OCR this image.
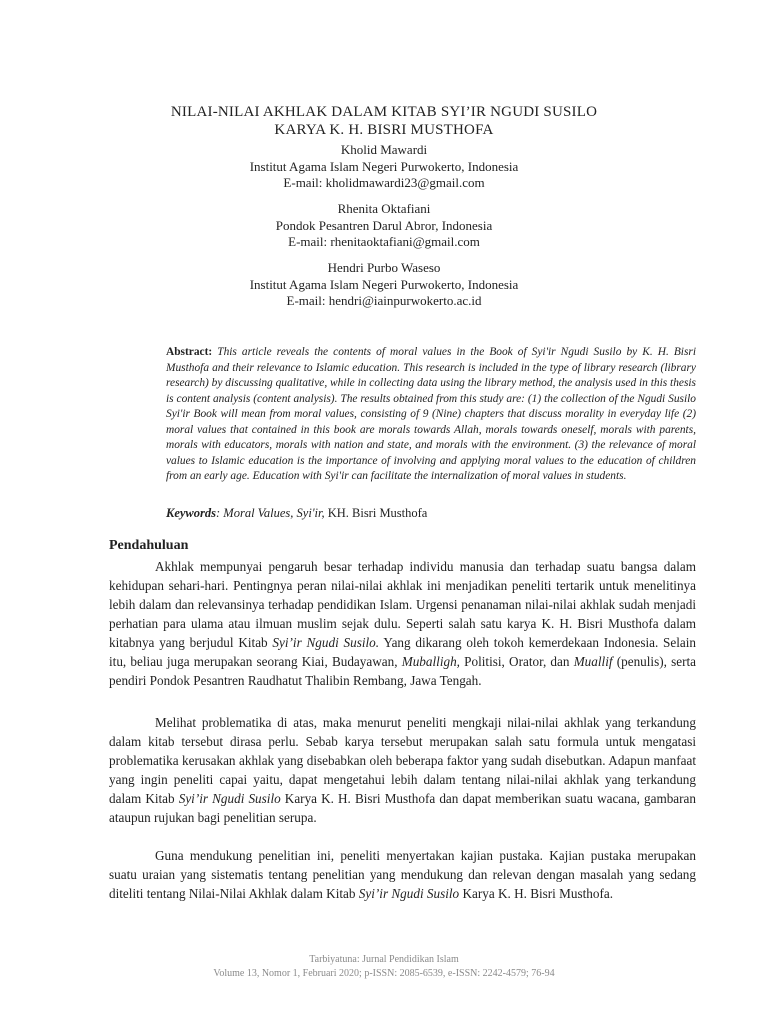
NILAI-NILAI AKHLAK DALAM KITAB SYI’IR NGUDI SUSILO
KARYA K. H. BISRI MUSTHOFA
Kholid Mawardi
Institut Agama Islam Negeri Purwokerto, Indonesia
E-mail: kholidmawardi23@gmail.com
Rhenita Oktafiani
Pondok Pesantren Darul Abror, Indonesia
E-mail: rhenitaoktafiani@gmail.com
Hendri Purbo Waseso
Institut Agama Islam Negeri Purwokerto, Indonesia
E-mail: hendri@iainpurwokerto.ac.id
Abstract: This article reveals the contents of moral values in the Book of Syi'ir Ngudi Susilo by K. H. Bisri Musthofa and their relevance to Islamic education. This research is included in the type of library research (library research) by discussing qualitative, while in collecting data using the library method, the analysis used in this thesis is content analysis (content analysis). The results obtained from this study are: (1) the collection of the Ngudi Susilo Syi'ir Book will mean from moral values, consisting of 9 (Nine) chapters that discuss morality in everyday life (2) moral values that contained in this book are morals towards Allah, morals towards oneself, morals with parents, morals with educators, morals with nation and state, and morals with the environment. (3) the relevance of moral values to Islamic education is the importance of involving and applying moral values to the education of children from an early age. Education with Syi'ir can facilitate the internalization of moral values in students.
Keywords: Moral Values, Syi'ir, KH. Bisri Musthofa
Pendahuluan

Akhlak mempunyai pengaruh besar terhadap individu manusia dan terhadap suatu bangsa dalam kehidupan sehari-hari. Pentingnya peran nilai-nilai akhlak ini menjadikan peneliti tertarik untuk menelitinya lebih dalam dan relevansinya terhadap pendidikan Islam. Urgensi penanaman nilai-nilai akhlak sudah menjadi perhatian para ulama atau ilmuan muslim sejak dulu. Seperti salah satu karya K. H. Bisri Musthofa dalam kitabnya yang berjudul Kitab Syi’ir Ngudi Susilo. Yang dikarang oleh tokoh kemerdekaan Indonesia. Selain itu, beliau juga merupakan seorang Kiai, Budayawan, Muballigh, Politisi, Orator, dan Muallif (penulis), serta pendiri Pondok Pesantren Raudhatut Thalibin Rembang, Jawa Tengah.

Melihat problematika di atas, maka menurut peneliti mengkaji nilai-nilai akhlak yang terkandung dalam kitab tersebut dirasa perlu. Sebab karya tersebut merupakan salah satu formula untuk mengatasi problematika kerusakan akhlak yang disebabkan oleh beberapa faktor yang sudah disebutkan. Adapun manfaat yang ingin peneliti capai yaitu, dapat mengetahui lebih dalam tentang nilai-nilai akhlak yang terkandung dalam Kitab Syi’ir Ngudi Susilo Karya K. H. Bisri Musthofa dan dapat memberikan suatu wacana, gambaran ataupun rujukan bagi penelitian serupa.

Guna mendukung penelitian ini, peneliti menyertakan kajian pustaka. Kajian pustaka merupakan suatu uraian yang sistematis tentang penelitian yang mendukung dan relevan dengan masalah yang sedang diteliti tentang Nilai-Nilai Akhlak dalam Kitab Syi’ir Ngudi Susilo Karya K. H. Bisri Musthofa.

Tarbiyatuna: Jurnal Pendidikan Islam
Volume 13, Nomor 1, Februari 2020; p-ISSN: 2085-6539, e-ISSN: 2242-4579; 76-94
